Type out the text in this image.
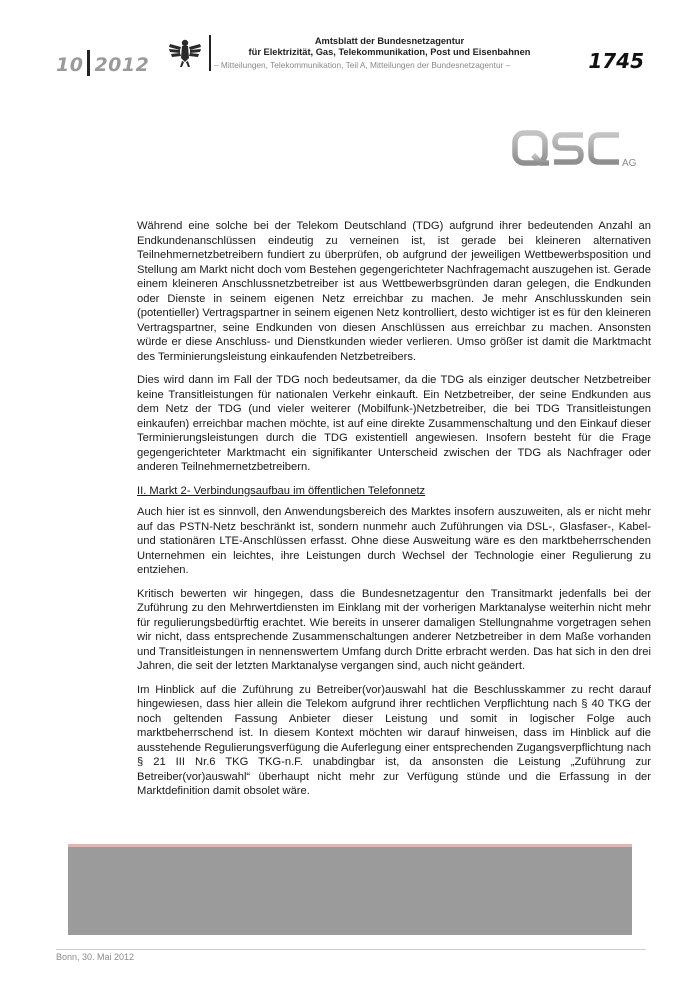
10 2012
Amtsblatt der Bundesnetzagentur
für Elektrizität, Gas, Telekommunikation, Post und Eisenbahnen
– Mitteilungen, Telekommunikation, Teil A, Mitteilungen der Bundesnetzagentur –	1745
AG

Während eine solche bei der Telekom Deutschland (TDG) aufgrund ihrer bedeutenden Anzahl an Endkundenanschlüssen eindeutig zu verneinen ist, ist gerade bei kleineren alternativen Teilnehmernetzbetreibern fundiert zu überprüfen, ob aufgrund der jeweiligen Wettbewerbsposition und Stellung am Markt nicht doch vom Bestehen gegengerichteter Nachfragemacht auszugehen ist. Gerade einem kleineren Anschlussnetzbetreiber ist aus Wettbewerbsgründen daran gelegen, die Endkunden oder Dienste in seinem eigenen Netz erreichbar zu machen. Je mehr Anschlusskunden sein (potentieller) Vertragspartner in seinem eigenen Netz kontrolliert, desto wichtiger ist es für den kleineren Vertragspartner, seine Endkunden von diesen Anschlüssen aus erreichbar zu machen. Ansonsten würde er diese Anschluss- und Dienstkunden wieder verlieren. Umso größer ist damit die Marktmacht des Terminierungsleistung einkaufenden Netzbetreibers.

Dies wird dann im Fall der TDG noch bedeutsamer, da die TDG als einziger deutscher Netzbetreiber keine Transitleistungen für nationalen Verkehr einkauft. Ein Netzbetreiber, der seine Endkunden aus dem Netz der TDG (und vieler weiterer (Mobilfunk-)Netzbetreiber, die bei TDG Transitleistungen einkaufen) erreichbar machen möchte, ist auf eine direkte Zusammenschaltung und den Einkauf dieser Terminierungsleistungen durch die TDG existentiell angewiesen. Insofern besteht für die Frage gegengerichteter Marktmacht ein signifikanter Unterscheid zwischen der TDG als Nachfrager oder anderen Teilnehmernetzbetreibern.

II. Markt 2- Verbindungsaufbau im öffentlichen Telefonnetz

Auch hier ist es sinnvoll, den Anwendungsbereich des Marktes insofern auszuweiten, als er nicht mehr auf das PSTN-Netz beschränkt ist, sondern nunmehr auch Zuführungen via DSL-, Glasfaser-, Kabel- und stationären LTE-Anschlüssen erfasst. Ohne diese Ausweitung wäre es den marktbeherrschenden Unternehmen ein leichtes, ihre Leistungen durch Wechsel der Technologie einer Regulierung zu entziehen.

Kritisch bewerten wir hingegen, dass die Bundesnetzagentur den Transitmarkt jedenfalls bei der Zuführung zu den Mehrwertdiensten im Einklang mit der vorherigen Marktanalyse weiterhin nicht mehr für regulierungsbedürftig erachtet. Wie bereits in unserer damaligen Stellungnahme vorgetragen sehen wir nicht, dass entsprechende Zusammenschaltungen anderer Netzbetreiber in dem Maße vorhanden und Transitleistungen in nennenswertem Umfang durch Dritte erbracht werden. Das hat sich in den drei Jahren, die seit der letzten Marktanalyse vergangen sind, auch nicht geändert.

Im Hinblick auf die Zuführung zu Betreiber(vor)auswahl hat die Beschlusskammer zu recht darauf hingewiesen, dass hier allein die Telekom aufgrund ihrer rechtlichen Verpflichtung nach § 40 TKG der noch geltenden Fassung Anbieter dieser Leistung und somit in logischer Folge auch marktbeherrschend ist. In diesem Kontext möchten wir darauf hinweisen, dass im Hinblick auf die ausstehende Regulierungsverfügung die Auferlegung einer entsprechenden Zugangsverpflichtung nach § 21 III Nr.6 TKG TKG-n.F. unabdingbar ist, da ansonsten die Leistung „Zuführung zur Betreiber(vor)auswahl“ überhaupt nicht mehr zur Verfügung stünde und die Erfassung in der Marktdefinition damit obsolet wäre.

Bonn, 30. Mai 2012
